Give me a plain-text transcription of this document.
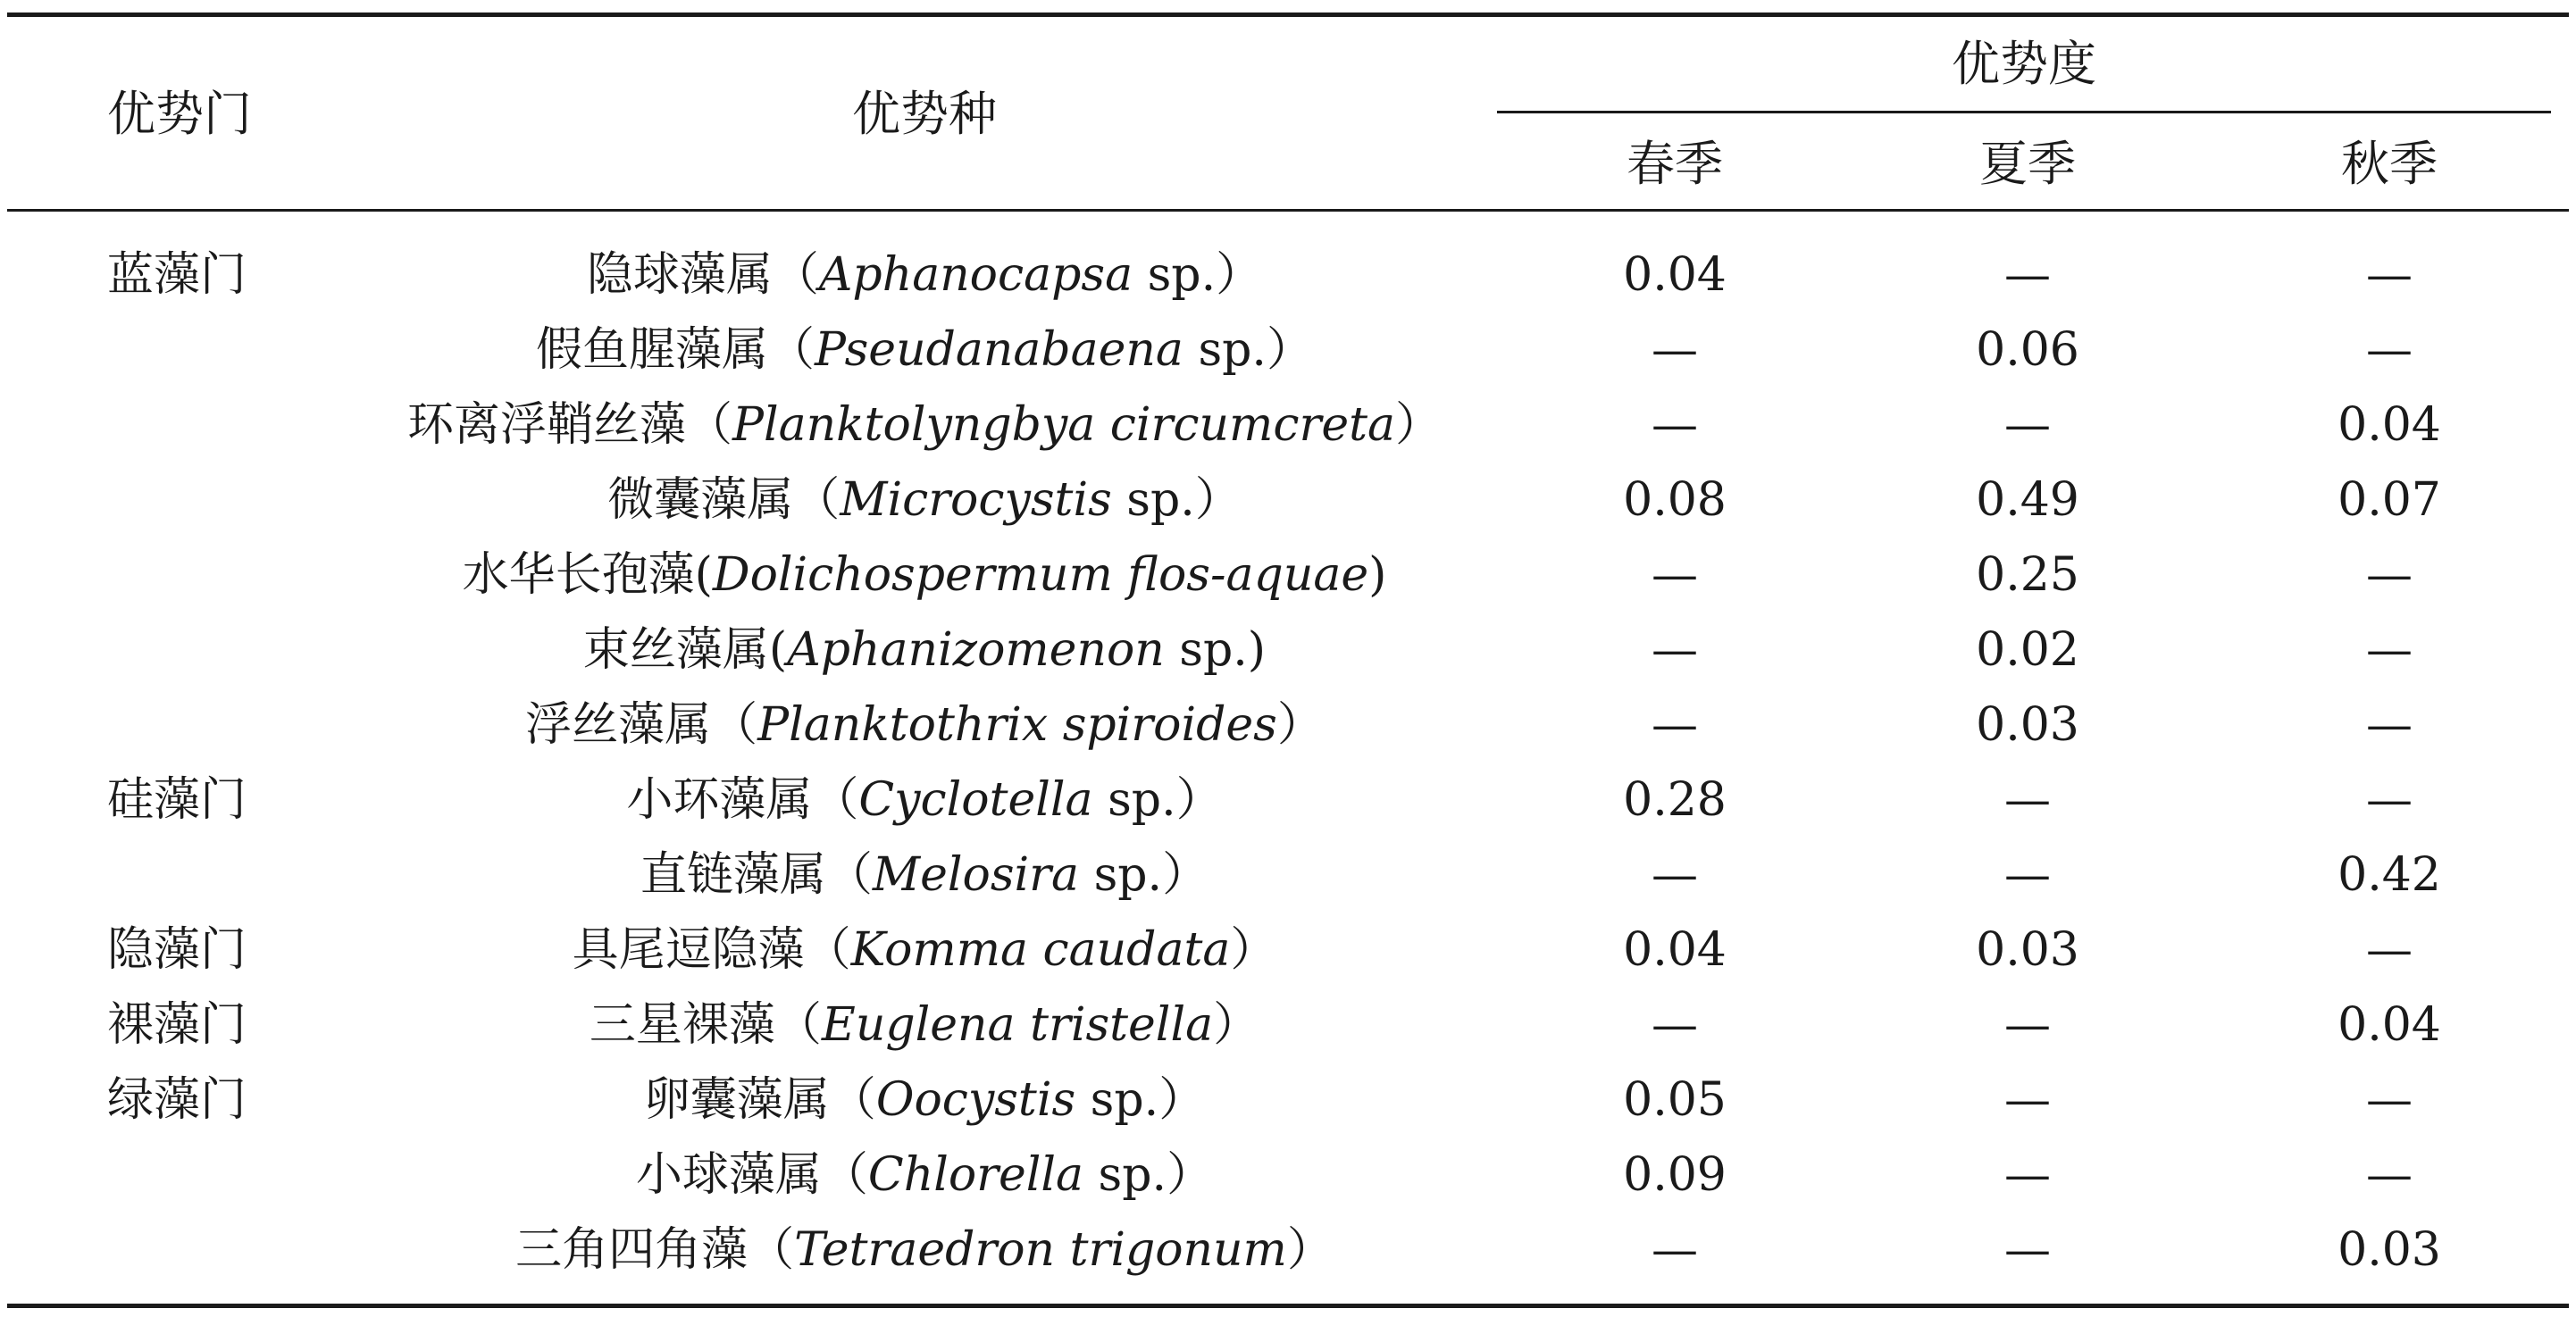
优势门	优势种
优势度
春季	夏季	秋季
蓝藻门	隐球藻属（Aphanocapsa sp.）	0.04	—	—
假鱼腥藻属（Pseudanabaena sp.）	—	0.06	—
环离浮鞘丝藻（Planktolyngbya circumcreta）	—	—	0.04
微囊藻属（Microcystis sp.）	0.08	0.49	0.07
水华长孢藻(Dolichospermum flos-aquae)	—	0.25	—
束丝藻属(Aphanizomenon sp.)	—	0.02	—
浮丝藻属（Planktothrix spiroides）	—	0.03	—
硅藻门	小环藻属（Cyclotella sp.）	0.28	—	—
直链藻属（Melosira sp.）	—	—	0.42
隐藻门	具尾逗隐藻（Komma caudata）	0.04	0.03	—
裸藻门	三星裸藻（Euglena tristella）	—	—	0.04
绿藻门	卵囊藻属（Oocystis sp.）	0.05	—	—
小球藻属（Chlorella sp.）	0.09	—	—
三角四角藻（Tetraedron trigonum）	—	—	0.03
